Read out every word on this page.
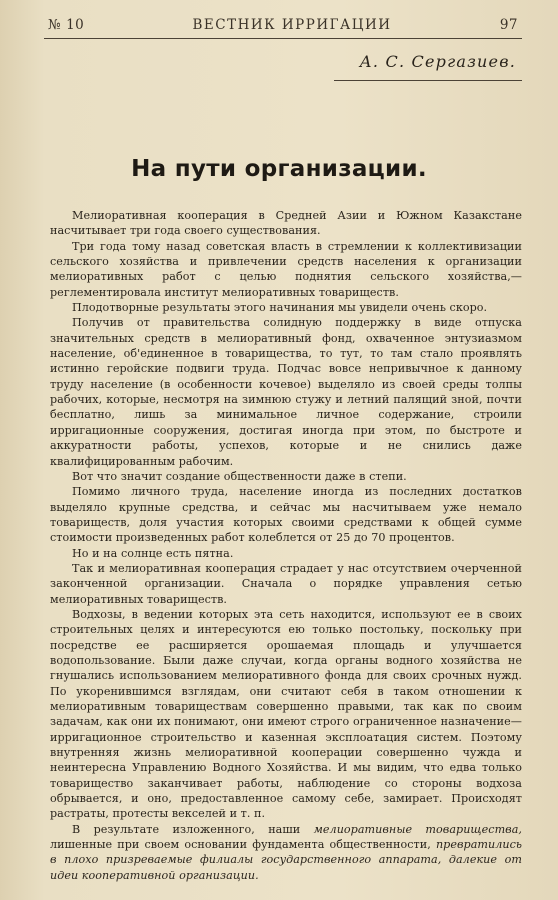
№ 10	ВЕСТНИК ИРРИГАЦИИ	97
А. С. Сергазиев.
На пути организации.

Мелиоративная кооперация в Средней Азии и Южном Казакстане насчитывает три года своего существования.

Три года тому назад советская власть в стремлении к коллективизации сельского хозяйства и привлечении средств населения к организации мелиоративных работ с целью поднятия сельского хозяйства,—реглементировала институт мелиоративных товариществ.

Плодотворные результаты этого начинания мы увидели очень скоро.

Получив от правительства солидную поддержку в виде отпуска значительных средств в мелиоративный фонд, охваченное энтузиазмом население, об'единенное в товарищества, то тут, то там стало проявлять истинно геройские подвиги труда. Подчас вовсе непривычное к данному труду население (в особенности кочевое) выделяло из своей среды толпы рабочих, которые, несмотря на зимнюю стужу и летний палящий зной, почти бесплатно, лишь за минимальное личное содержание, строили ирригационные сооружения, достигая иногда при этом, по быстроте и аккуратности работы, успехов, которые и не снились даже квалифицированным рабочим.

Вот что значит создание общественности даже в степи.

Помимо личного труда, население иногда из последних достатков выделяло крупные средства, и сейчас мы насчитываем уже немало товариществ, доля участия которых своими средствами к общей сумме стоимости произведенных работ колеблется от 25 до 70 процентов.

Но и на солнце есть пятна.

Так и мелиоративная кооперация страдает у нас отсутствием очерченной законченной организации. Сначала о порядке управления сетью мелиоративных товариществ.

Водхозы, в ведении которых эта сеть находится, используют ее в своих строительных целях и интересуются ею только постольку, поскольку при посредстве ее расширяется орошаемая площадь и улучшается водопользование. Были даже случаи, когда органы водного хозяйства не гнушались использованием мелиоративного фонда для своих срочных нужд. По укоренившимся взглядам, они считают себя в таком отношении к мелиоративным товариществам совершенно правыми, так как по своим задачам, как они их понимают, они имеют строго ограниченное назначение—ирригационное строительство и казенная эксплоатация систем. Поэтому внутренняя жизнь мелиоративной кооперации совершенно чужда и неинтересна Управлению Водного Хозяйства. И мы видим, что едва только товарищество заканчивает работы, наблюдение со стороны водхоза обрывается, и оно, предоставленное самому себе, замирает. Происходят растраты, протесты векселей и т. п.

В результате изложенного, наши мелиоративные товарищества, лишенные при своем основании фундамента общественности, превратились в плохо призреваемые филиалы государственного аппарата, далекие от идеи кооперативной организации.
